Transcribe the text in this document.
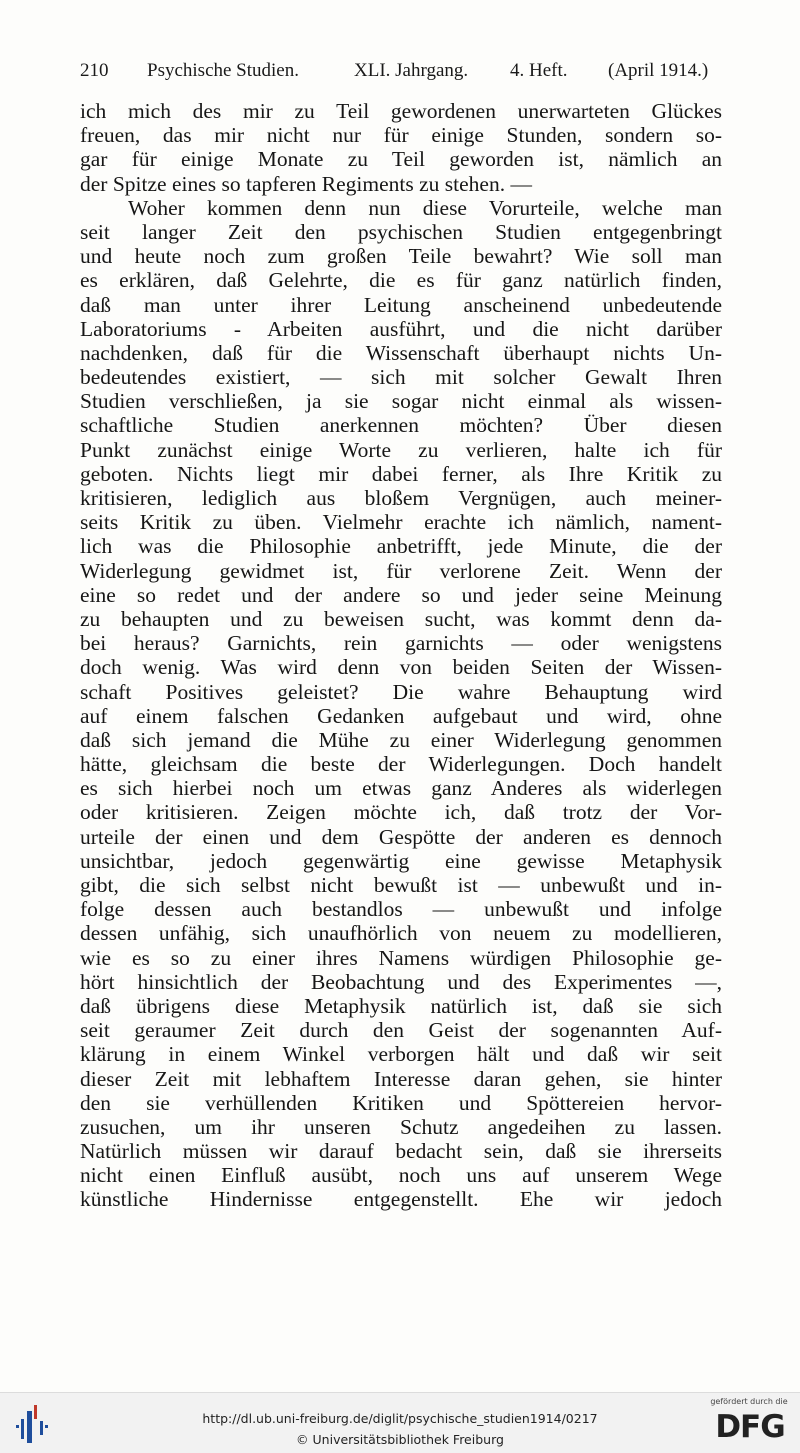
210 Psychische Studien.	XLI. Jahrgang. 4. Heft. (April 1914.)
ich mich des mir zu Teil gewordenen unerwarteten Glückes
freuen, das mir nicht nur für einige Stunden, sondern so-
gar für einige Monate zu Teil geworden ist, nämlich an
der Spitze eines so tapferen Regiments zu stehen. —
Woher kommen denn nun diese Vorurteile, welche man
seit langer Zeit den psychischen Studien entgegenbringt
und heute noch zum großen Teile bewahrt? Wie soll man
es erklären, daß Gelehrte, die es für ganz natürlich finden,
daß man unter ihrer Leitung anscheinend unbedeutende
Laboratoriums - Arbeiten ausführt, und die nicht darüber
nachdenken, daß für die Wissenschaft überhaupt nichts Un-
bedeutendes existiert, — sich mit solcher Gewalt Ihren
Studien verschließen, ja sie sogar nicht einmal als wissen-
schaftliche Studien anerkennen möchten? Über diesen
Punkt zunächst einige Worte zu verlieren, halte ich für
geboten. Nichts liegt mir dabei ferner, als Ihre Kritik zu
kritisieren, lediglich aus bloßem Vergnügen, auch meiner-
seits Kritik zu üben. Vielmehr erachte ich nämlich, nament-
lich was die Philosophie anbetrifft, jede Minute, die der
Widerlegung gewidmet ist, für verlorene Zeit. Wenn der
eine so redet und der andere so und jeder seine Meinung
zu behaupten und zu beweisen sucht, was kommt denn da-
bei heraus? Garnichts, rein garnichts — oder wenigstens
doch wenig. Was wird denn von beiden Seiten der Wissen-
schaft Positives geleistet? Die wahre Behauptung wird
auf einem falschen Gedanken aufgebaut und wird, ohne
daß sich jemand die Mühe zu einer Widerlegung genommen
hätte, gleichsam die beste der Widerlegungen. Doch handelt
es sich hierbei noch um etwas ganz Anderes als widerlegen
oder kritisieren. Zeigen möchte ich, daß trotz der Vor-
urteile der einen und dem Gespötte der anderen es dennoch
unsichtbar, jedoch gegenwärtig eine gewisse Metaphysik
gibt, die sich selbst nicht bewußt ist — unbewußt und in-
folge dessen auch bestandlos — unbewußt und infolge
dessen unfähig, sich unaufhörlich von neuem zu modellieren,
wie es so zu einer ihres Namens würdigen Philosophie ge-
hört hinsichtlich der Beobachtung und des Experimentes —,
daß übrigens diese Metaphysik natürlich ist, daß sie sich
seit geraumer Zeit durch den Geist der sogenannten Auf-
klärung in einem Winkel verborgen hält und daß wir seit
dieser Zeit mit lebhaftem Interesse daran gehen, sie hinter
den sie verhüllenden Kritiken und Spöttereien hervor-
zusuchen, um ihr unseren Schutz angedeihen zu lassen.
Natürlich müssen wir darauf bedacht sein, daß sie ihrerseits
nicht einen Einfluß ausübt, noch uns auf unserem Wege
künstliche Hindernisse entgegenstellt. Ehe wir jedoch
http://dl.ub.uni-freiburg.de/diglit/psychische_studien1914/0217
© Universitätsbibliothek Freiburg
gefördert durch die
DFG
